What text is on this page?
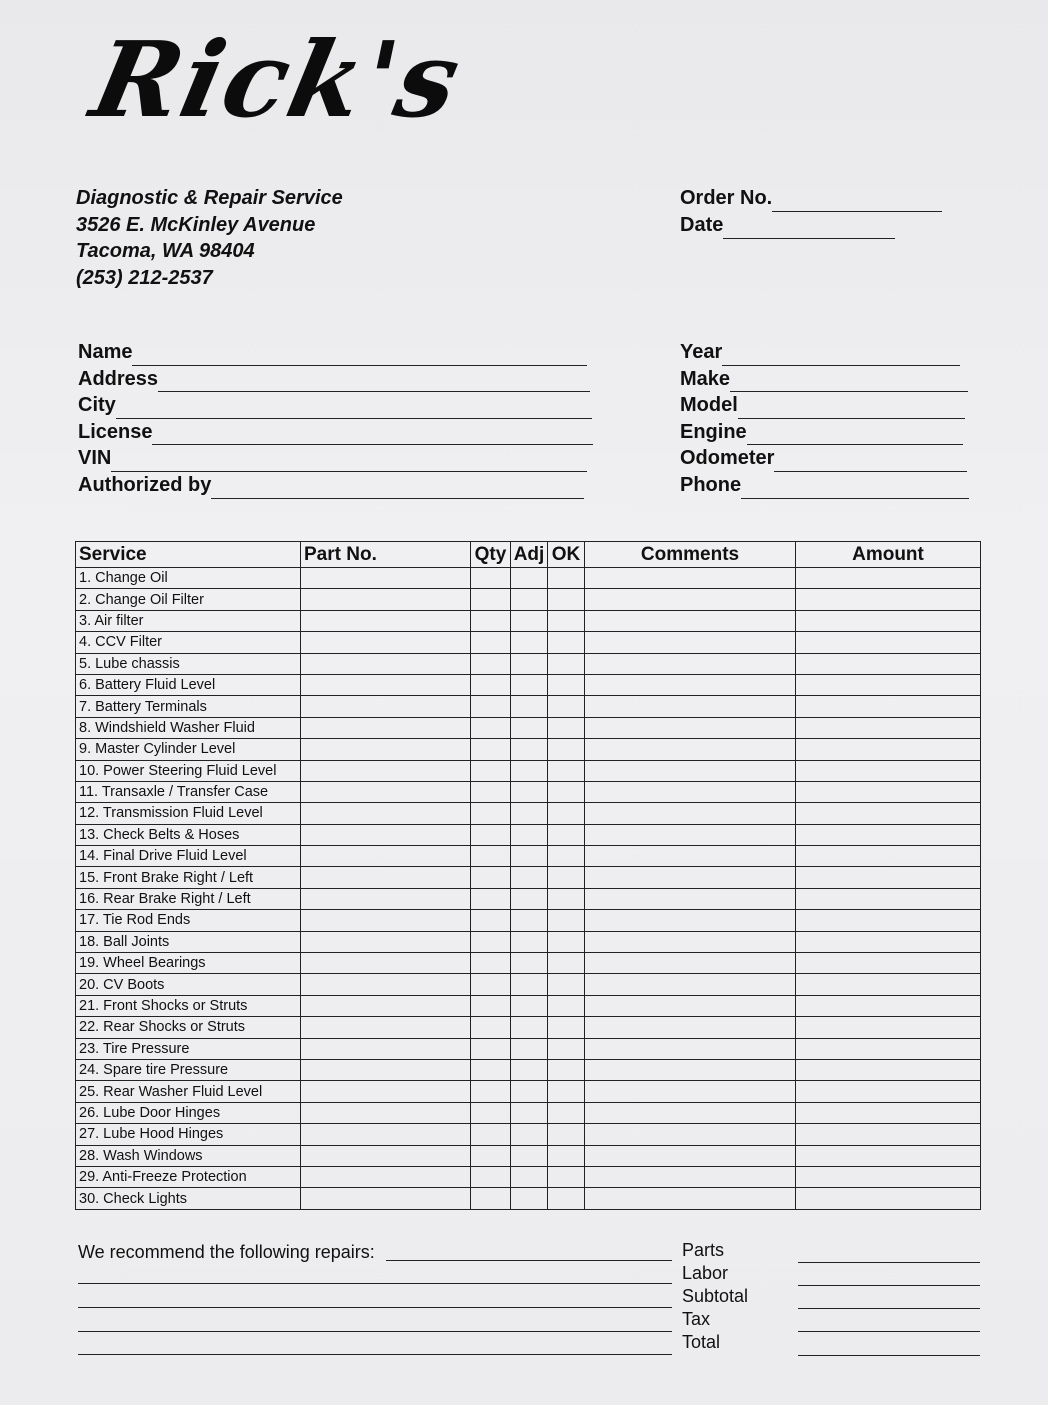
Rick's
Diagnostic & Repair Service
3526 E. McKinley Avenue
Tacoma, WA 98404
(253) 212-2537
Order No.
Date
Name
Address
City
License
VIN
Authorized by
Year
Make
Model
Engine
Odometer
Phone
Service	Part No.	Qty	Adj	OK	Comments	Amount
1. Change Oil						
2. Change Oil Filter						
3. Air filter						
4. CCV Filter						
5. Lube chassis						
6. Battery Fluid Level						
7. Battery Terminals						
8. Windshield Washer Fluid						
9. Master Cylinder Level						
10. Power Steering Fluid Level						
11. Transaxle / Transfer Case						
12. Transmission Fluid Level						
13. Check Belts & Hoses						
14. Final Drive Fluid Level						
15. Front Brake Right / Left						
16. Rear Brake Right / Left						
17. Tie Rod Ends						
18. Ball Joints						
19. Wheel Bearings						
20. CV Boots						
21. Front Shocks or Struts						
22. Rear Shocks or Struts						
23. Tire Pressure						
24. Spare tire Pressure						
25. Rear Washer Fluid Level						
26. Lube Door Hinges						
27. Lube Hood Hinges						
28. Wash Windows						
29. Anti-Freeze Protection						
30. Check Lights						
We recommend the following repairs:	Parts
Labor
Subtotal
Tax
Total
